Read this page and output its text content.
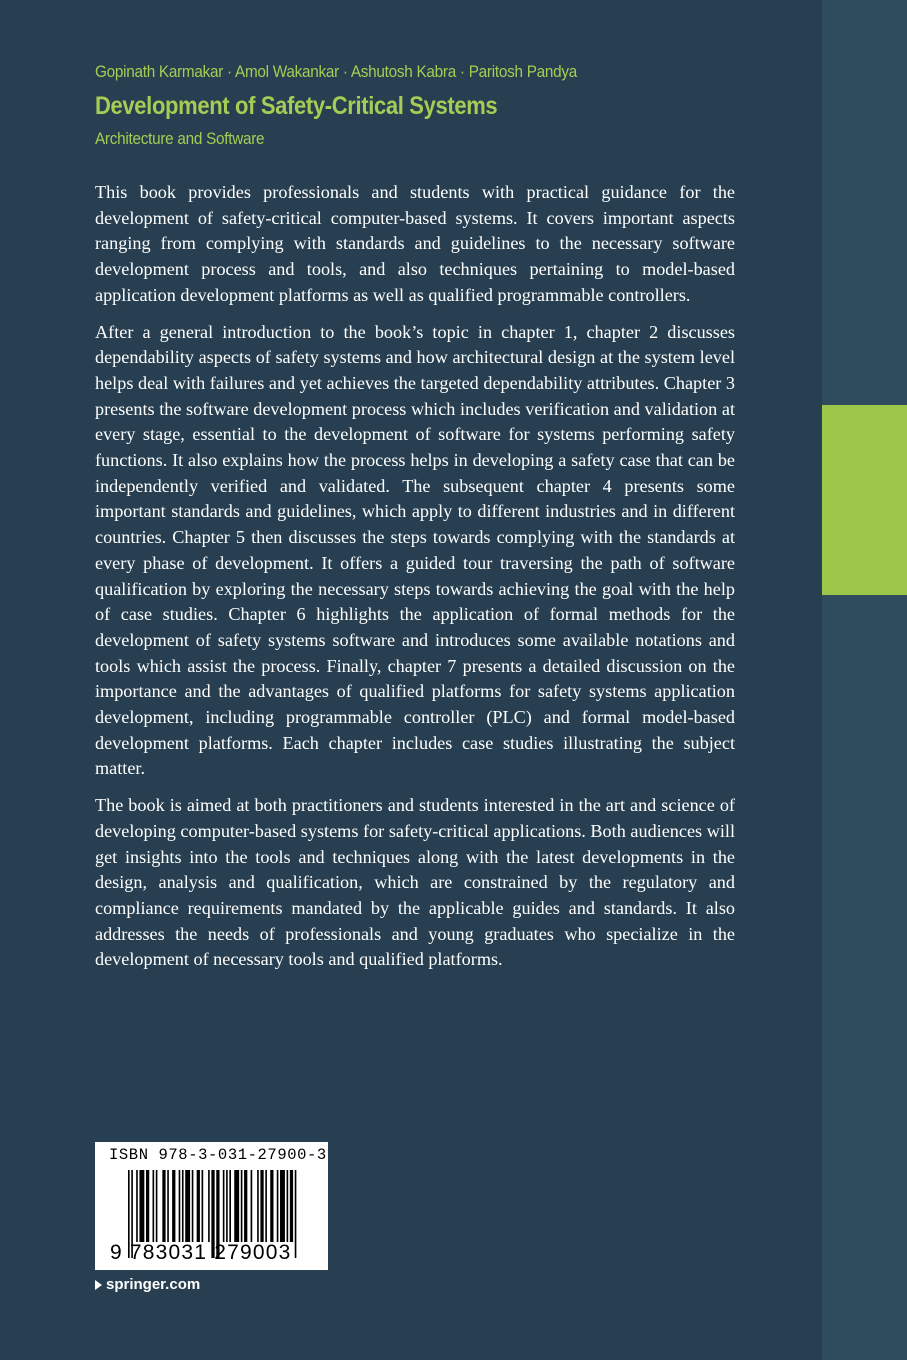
Gopinath Karmakar · Amol Wakankar · Ashutosh Kabra · Paritosh Pandya
Development of Safety-Critical Systems
Architecture and Software

This book provides professionals and students with practical guidance for the development of safety-critical computer-based systems. It covers important aspects ranging from complying with standards and guidelines to the necessary software development process and tools, and also techniques pertaining to model-based application development platforms as well as qualified programmable controllers.

After a general introduction to the book’s topic in chapter 1, chapter 2 discusses dependability aspects of safety systems and how architectural design at the system level helps deal with failures and yet achieves the targeted dependability attributes. Chapter 3 presents the software development process which includes verification and validation at every stage, essential to the development of software for systems performing safety functions. It also explains how the process helps in developing a safety case that can be independently verified and validated. The subsequent chapter 4 presents some important standards and guidelines, which apply to different industries and in different countries. Chapter 5 then discusses the steps towards complying with the standards at every phase of development. It offers a guided tour traversing the path of software qualification by exploring the necessary steps towards achieving the goal with the help of case studies. Chapter 6 highlights the application of formal methods for the development of safety systems software and introduces some available notations and tools which assist the process. Finally, chapter 7 presents a detailed discussion on the importance and the advantages of qualified platforms for safety systems application development, including programmable controller (PLC) and formal model-based development platforms. Each chapter includes case studies illustrating the subject matter.

The book is aimed at both practitioners and students interested in the art and science of developing computer-based systems for safety-critical applications. Both audiences will get insights into the tools and techniques along with the latest developments in the design, analysis and qualification, which are constrained by the regulatory and compliance requirements mandated by the applicable guides and standards. It also addresses the needs of professionals and young graduates who specialize in the development of necessary tools and qualified platforms.

ISBN 978-3-031-27900-3
9 783031 279003
springer.com
